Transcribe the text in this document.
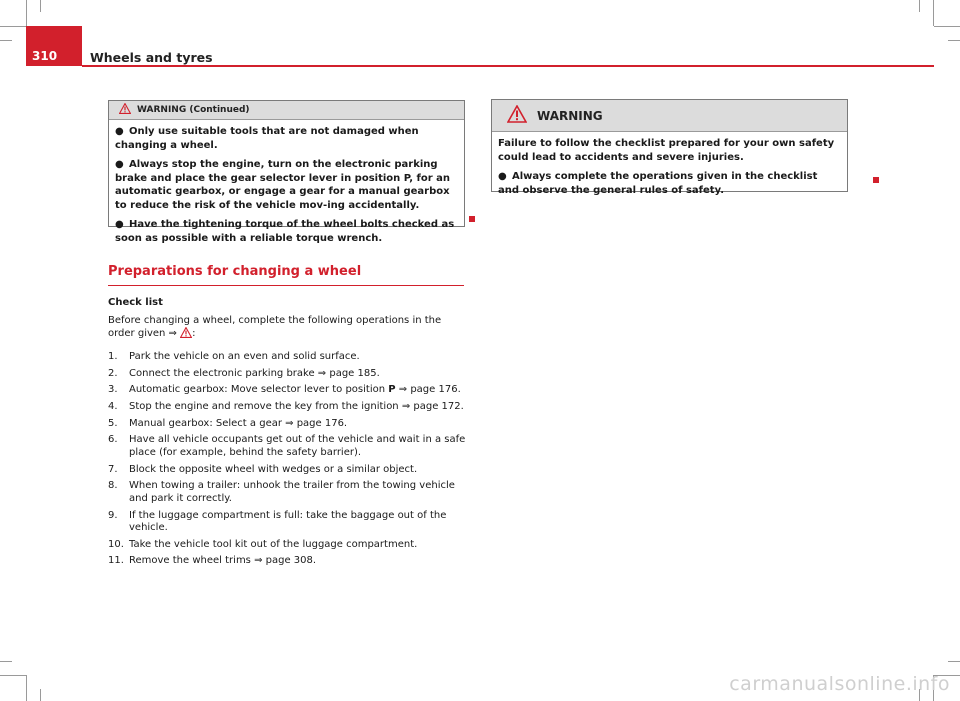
310	Wheels and tyres
WARNING (Continued)

● Only use suitable tools that are not damaged when changing a wheel.

● Always stop the engine, turn on the electronic parking brake and place the gear selector lever in position P, for an automatic gearbox, or engage a gear for a manual gearbox to reduce the risk of the vehicle mov-ing accidentally.

● Have the tightening torque of the wheel bolts checked as soon as possible with a reliable torque wrench.

WARNING

Failure to follow the checklist prepared for your own safety could lead to accidents and severe injuries.

● Always complete the operations given in the checklist and observe the general rules of safety.

Preparations for changing a wheel
Check list
Before changing a wheel, complete the following operations in the order given ⇒ :
1. Park the vehicle on an even and solid surface.
2. Connect the electronic parking brake ⇒ page 185.
3. Automatic gearbox: Move selector lever to position P ⇒ page 176.
4. Stop the engine and remove the key from the ignition ⇒ page 172.
5. Manual gearbox: Select a gear ⇒ page 176.
6. Have all vehicle occupants get out of the vehicle and wait in a safe place (for example, behind the safety barrier).
7. Block the opposite wheel with wedges or a similar object.
8. When towing a trailer: unhook the trailer from the towing vehicle and park it correctly.
9. If the luggage compartment is full: take the baggage out of the vehicle.
10. Take the vehicle tool kit out of the luggage compartment.
11. Remove the wheel trims ⇒ page 308.
carmanualsonline.info
